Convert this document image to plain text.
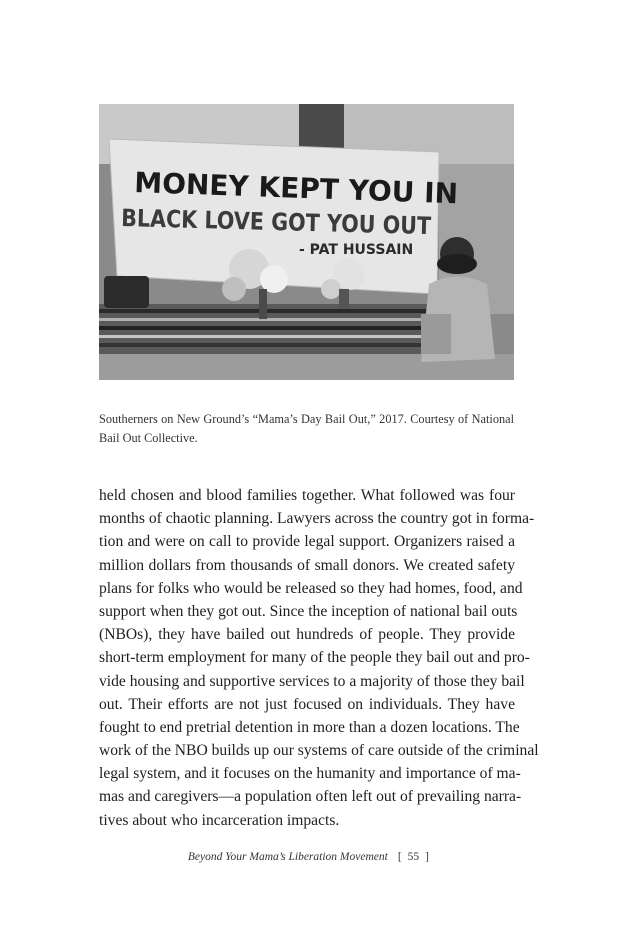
MONEY KEPT YOU IN
BLACK LOVE GOT YOU OUT
- PAT HUSSAIN
Southerners on New Ground’s “Mama’s Day Bail Out,” 2017. Courtesy of National Bail Out Collective.
held chosen and blood families together. What followed was four
months of chaotic planning. Lawyers across the country got in forma-
tion and were on call to provide legal support. Organizers raised a
million dollars from thousands of small donors. We created safety
plans for folks who would be released so they had homes, food, and
support when they got out. Since the inception of national bail outs
(NBOs), they have bailed out hundreds of people. They provide
short-term employment for many of the people they bail out and pro-
vide housing and supportive services to a majority of those they bail
out. Their efforts are not just focused on individuals. They have
fought to end pretrial detention in more than a dozen locations. The
work of the NBO builds up our systems of care outside of the criminal
legal system, and it focuses on the humanity and importance of ma-
mas and caregivers—a population often left out of prevailing narra-
tives about who incarceration impacts.
Beyond Your Mama’s Liberation Movement [ 55 ]
